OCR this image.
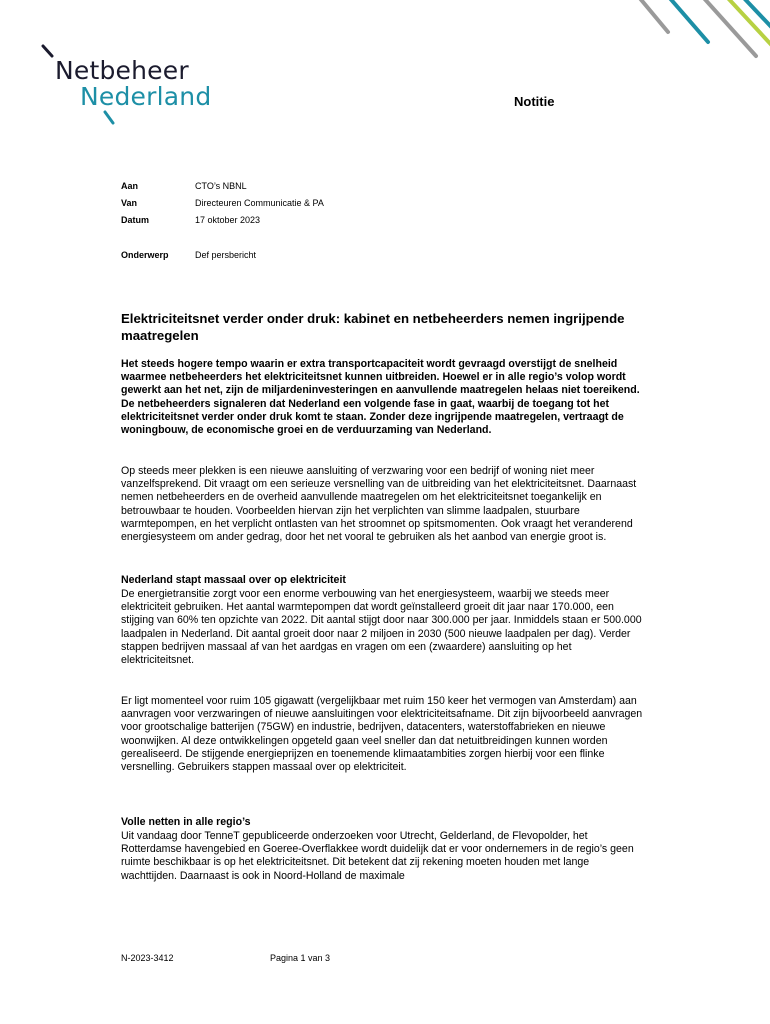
Netbeheer
Nederland	Notitie
Aan	CTO’s NBNL
Van	Directeuren Communicatie & PA
Datum	17 oktober 2023
Onderwerp	Def persbericht
Elektriciteitsnet verder onder druk: kabinet en netbeheerders nemen ingrijpende maatregelen
Het steeds hogere tempo waarin er extra transportcapaciteit wordt gevraagd overstijgt de snelheid waarmee netbeheerders het elektriciteitsnet kunnen uitbreiden. Hoewel er in alle regio’s volop wordt gewerkt aan het net, zijn de miljardeninvesteringen en aanvullende maatregelen helaas niet toereikend. De netbeheerders signaleren dat Nederland een volgende fase in gaat, waarbij de toegang tot het elektriciteitsnet verder onder druk komt te staan. Zonder deze ingrijpende maatregelen, vertraagt de woningbouw, de economische groei en de verduurzaming van Nederland.
Op steeds meer plekken is een nieuwe aansluiting of verzwaring voor een bedrijf of woning niet meer vanzelfsprekend. Dit vraagt om een serieuze versnelling van de uitbreiding van het elektriciteitsnet. Daarnaast nemen netbeheerders en de overheid aanvullende maatregelen om het elektriciteitsnet toegankelijk en betrouwbaar te houden. Voorbeelden hiervan zijn het verplichten van slimme laadpalen, stuurbare warmtepompen, en het verplicht ontlasten van het stroomnet op spitsmomenten. Ook vraagt het veranderend energiesysteem om ander gedrag, door het net vooral te gebruiken als het aanbod van energie groot is.
Nederland stapt massaal over op elektriciteit
De energietransitie zorgt voor een enorme verbouwing van het energiesysteem, waarbij we steeds meer elektriciteit gebruiken. Het aantal warmtepompen dat wordt geïnstalleerd groeit dit jaar naar 170.000, een stijging van 60% ten opzichte van 2022. Dit aantal stijgt door naar 300.000 per jaar. Inmiddels staan er 500.000 laadpalen in Nederland. Dit aantal groeit door naar 2 miljoen in 2030 (500 nieuwe laadpalen per dag). Verder stappen bedrijven massaal af van het aardgas en vragen om een (zwaardere) aansluiting op het elektriciteitsnet.
Er ligt momenteel voor ruim 105 gigawatt (vergelijkbaar met ruim 150 keer het vermogen van Amsterdam) aan aanvragen voor verzwaringen of nieuwe aansluitingen voor elektriciteitsafname. Dit zijn bijvoorbeeld aanvragen voor grootschalige batterijen (75GW) en industrie, bedrijven, datacenters, waterstoffabrieken en nieuwe woonwijken. Al deze ontwikkelingen opgeteld gaan veel sneller dan dat netuitbreidingen kunnen worden gerealiseerd. De stijgende energieprijzen en toenemende klimaatambities zorgen hierbij voor een flinke versnelling. Gebruikers stappen massaal over op elektriciteit.
Volle netten in alle regio’s
Uit vandaag door TenneT gepubliceerde onderzoeken voor Utrecht, Gelderland, de Flevopolder, het Rotterdamse havengebied en Goeree-Overflakkee wordt duidelijk dat er voor ondernemers in de regio’s geen ruimte beschikbaar is op het elektriciteitsnet. Dit betekent dat zij rekening moeten houden met lange wachttijden. Daarnaast is ook in Noord-Holland de maximale
N-2023-3412	Pagina 1 van 3
